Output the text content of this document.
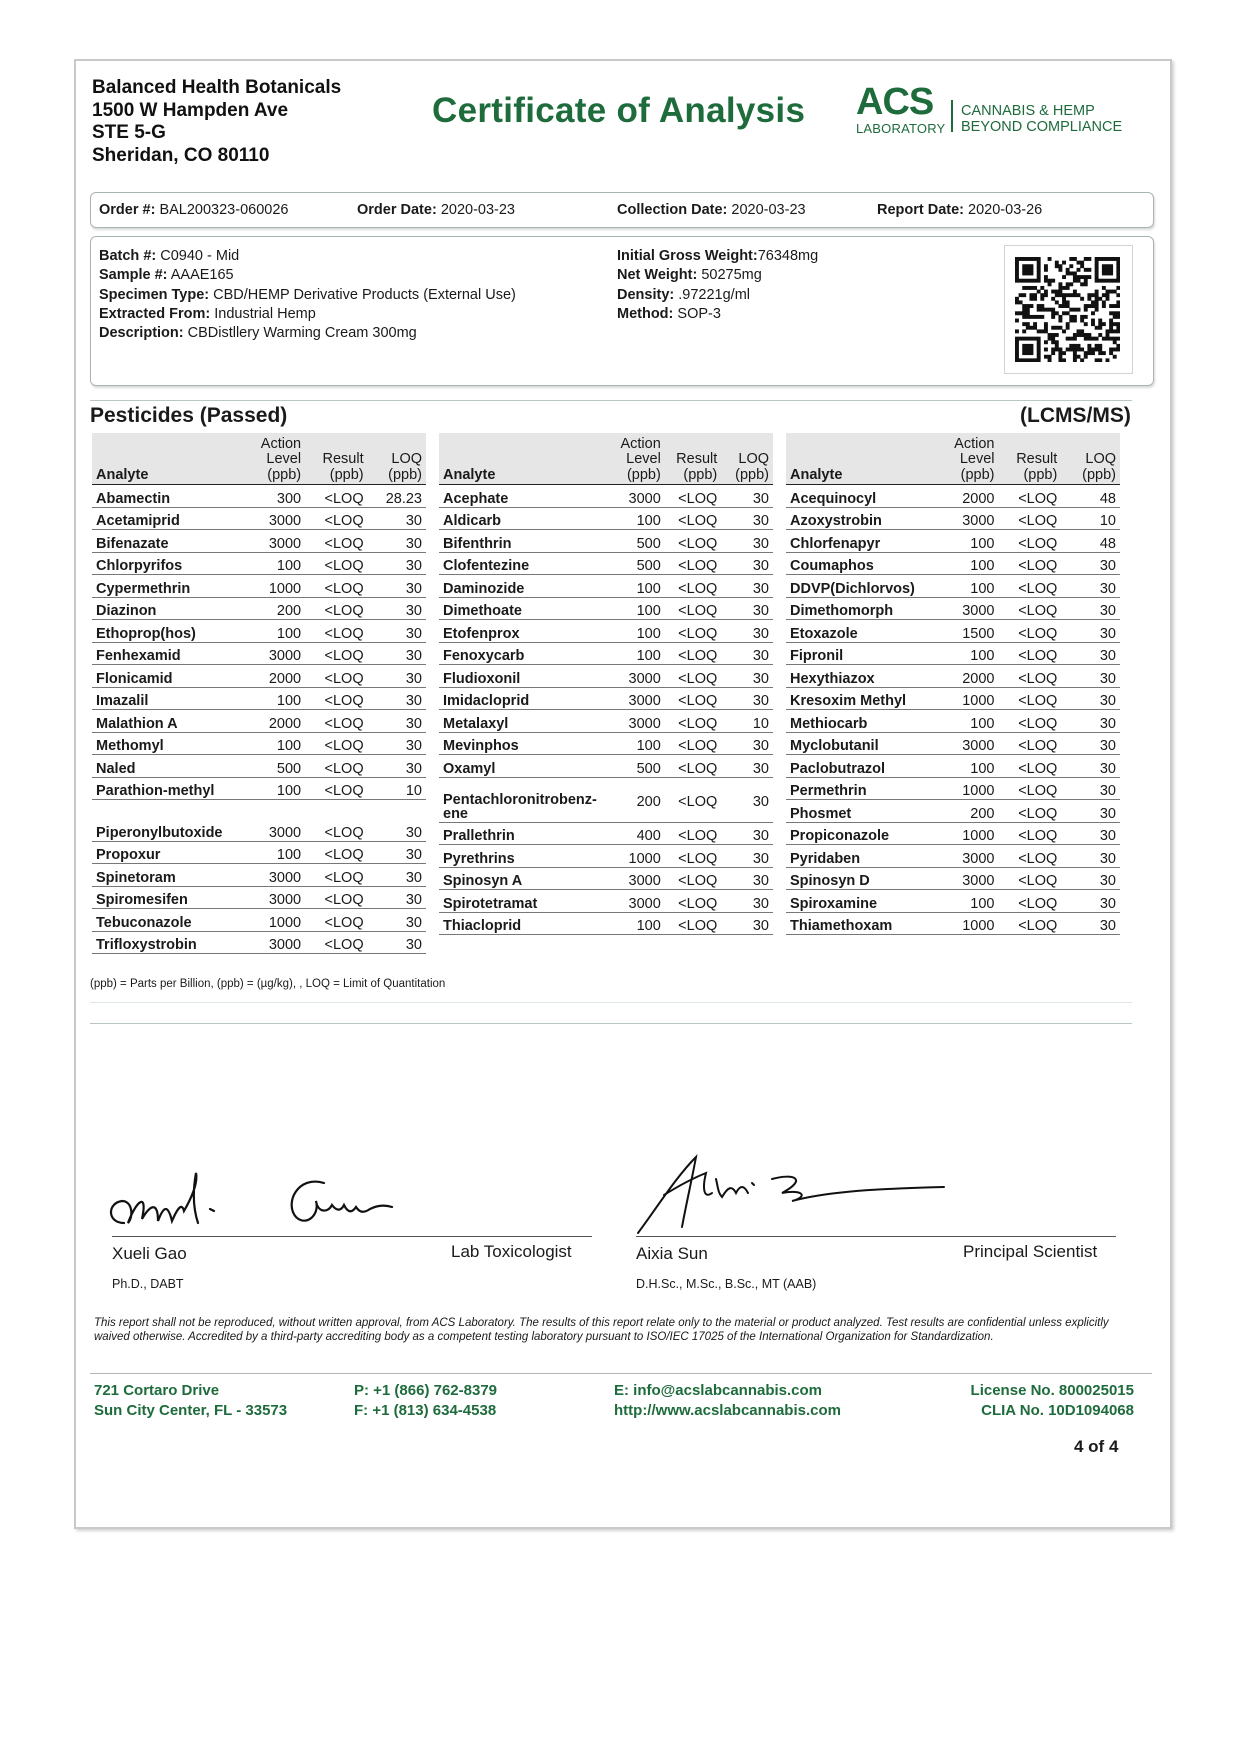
Balanced Health Botanicals
1500 W Hampden Ave
STE 5-G
Sheridan, CO 80110
Certificate of Analysis ACS
LABORATORY
CANNABIS & HEMP
BEYOND COMPLIANCE
Order #: BAL200323-060026	Order Date: 2020-03-23	Collection Date: 2020-03-23	Report Date: 2020-03-26
Batch #: C0940 - Mid
Sample #: AAAE165
Specimen Type: CBD/HEMP Derivative Products (External Use)
Extracted From: Industrial Hemp
Description: CBDistllery Warming Cream 300mg
Initial Gross Weight:76348mg
Net Weight: 50275mg
Density: .97221g/ml
Method: SOP-3
Pesticides (Passed)	(LCMS/MS)
Analyte	Action
Level
(ppb)	Result
(ppb)	LOQ
(ppb)
Abamectin	300	<LOQ	28.23
Acetamiprid	3000	<LOQ	30
Bifenazate	3000	<LOQ	30
Chlorpyrifos	100	<LOQ	30
Cypermethrin	1000	<LOQ	30
Diazinon	200	<LOQ	30
Ethoprop(hos)	100	<LOQ	30
Fenhexamid	3000	<LOQ	30
Flonicamid	2000	<LOQ	30
Imazalil	100	<LOQ	30
Malathion A	2000	<LOQ	30
Methomyl	100	<LOQ	30
Naled	500	<LOQ	30
Parathion-methyl	100	<LOQ	10

Piperonylbutoxide	3000	<LOQ	30
Propoxur	100	<LOQ	30
Spinetoram	3000	<LOQ	30
Spiromesifen	3000	<LOQ	30
Tebuconazole	1000	<LOQ	30
Trifloxystrobin	3000	<LOQ	30
Analyte	Action
Level
(ppb)	Result
(ppb)	LOQ
(ppb)
Acephate	3000	<LOQ	30
Aldicarb	100	<LOQ	30
Bifenthrin	500	<LOQ	30
Clofentezine	500	<LOQ	30
Daminozide	100	<LOQ	30
Dimethoate	100	<LOQ	30
Etofenprox	100	<LOQ	30
Fenoxycarb	100	<LOQ	30
Fludioxonil	3000	<LOQ	30
Imidacloprid	3000	<LOQ	30
Metalaxyl	3000	<LOQ	10
Mevinphos	100	<LOQ	30
Oxamyl	500	<LOQ	30
Pentachloronitrobenz-ene	200	<LOQ	30
Prallethrin	400	<LOQ	30
Pyrethrins	1000	<LOQ	30
Spinosyn A	3000	<LOQ	30
Spirotetramat	3000	<LOQ	30
Thiacloprid	100	<LOQ	30
Analyte	Action
Level
(ppb)	Result
(ppb)	LOQ
(ppb)
Acequinocyl	2000	<LOQ	48
Azoxystrobin	3000	<LOQ	10
Chlorfenapyr	100	<LOQ	48
Coumaphos	100	<LOQ	30
DDVP(Dichlorvos)	100	<LOQ	30
Dimethomorph	3000	<LOQ	30
Etoxazole	1500	<LOQ	30
Fipronil	100	<LOQ	30
Hexythiazox	2000	<LOQ	30
Kresoxim Methyl	1000	<LOQ	30
Methiocarb	100	<LOQ	30
Myclobutanil	3000	<LOQ	30
Paclobutrazol	100	<LOQ	30
Permethrin	1000	<LOQ	30
Phosmet	200	<LOQ	30
Propiconazole	1000	<LOQ	30
Pyridaben	3000	<LOQ	30
Spinosyn D	3000	<LOQ	30
Spiroxamine	100	<LOQ	30
Thiamethoxam	1000	<LOQ	30
(ppb) = Parts per Billion, (ppb) = (µg/kg), , LOQ = Limit of Quantitation
Xueli Gao	Lab Toxicologist
Ph.D., DABT
Aixia Sun	Principal Scientist
D.H.Sc., M.Sc., B.Sc., MT (AAB)
This report shall not be reproduced, without written approval, from ACS Laboratory. The results of this report relate only to the material or product analyzed. Test results are confidential unless explicitly waived otherwise. Accredited by a third-party accrediting body as a competent testing laboratory pursuant to ISO/IEC 17025 of the International Organization for Standardization.
721 Cortaro Drive
Sun City Center, FL - 33573
P: +1 (866) 762-8379
F: +1 (813) 634-4538
E: info@acslabcannabis.com
http://www.acslabcannabis.com
License No. 800025015
CLIA No. 10D1094068
4 of 4
